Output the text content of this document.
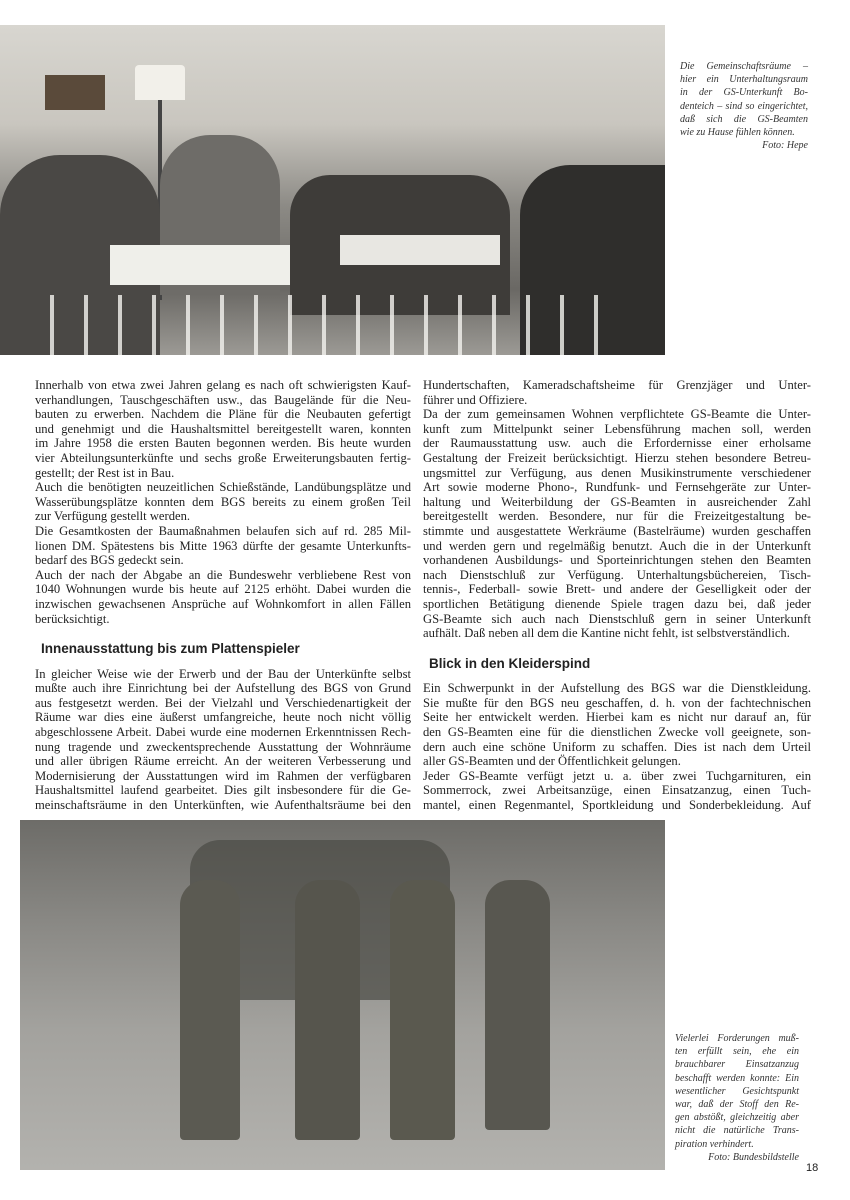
Die Gemeinschaftsräume –
hier ein Unterhaltungsraum
in der GS-Unterkunft Bo-
denteich – sind so eingerichtet,
daß sich die GS-Beamten
wie zu Hause fühlen können.
Foto: Hepe
Vielerlei Forderungen muß-
ten erfüllt sein, ehe ein
brauchbarer Einsatzanzug
beschafft werden konnte: Ein
wesentlicher Gesichtspunkt
war, daß der Stoff den Re-
gen abstößt, gleichzeitig aber
nicht die natürliche Trans-
piration verhindert.
Foto: Bundesbildstelle
18
Innerhalb von etwa zwei Jahren gelang es nach oft schwierigsten Kauf-
verhandlungen, Tauschgeschäften usw., das Baugelände für die Neu-
bauten zu erwerben. Nachdem die Pläne für die Neubauten gefertigt
und genehmigt und die Haushaltsmittel bereitgestellt waren, konnten
im Jahre 1958 die ersten Bauten begonnen werden. Bis heute wurden
vier Abteilungsunterkünfte und sechs große Erweiterungsbauten fertig-
gestellt; der Rest ist in Bau.
Auch die benötigten neuzeitlichen Schießstände, Landübungsplätze und
Wasserübungsplätze konnten dem BGS bereits zu einem großen Teil
zur Verfügung gestellt werden.
Die Gesamtkosten der Baumaßnahmen belaufen sich auf rd. 285 Mil-
lionen DM. Spätestens bis Mitte 1963 dürfte der gesamte Unterkunfts-
bedarf des BGS gedeckt sein.
Auch der nach der Abgabe an die Bundeswehr verbliebene Rest von
1040 Wohnungen wurde bis heute auf 2125 erhöht. Dabei wurden die
inzwischen gewachsenen Ansprüche auf Wohnkomfort in allen Fällen
berücksichtigt.
Innenausstattung bis zum Plattenspieler
In gleicher Weise wie der Erwerb und der Bau der Unterkünfte selbst
mußte auch ihre Einrichtung bei der Aufstellung des BGS von Grund
aus festgesetzt werden. Bei der Vielzahl und Verschiedenartigkeit der
Räume war dies eine äußerst umfangreiche, heute noch nicht völlig
abgeschlossene Arbeit. Dabei wurde eine modernen Erkenntnissen Rech-
nung tragende und zweckentsprechende Ausstattung der Wohnräume
und aller übrigen Räume erreicht. An der weiteren Verbesserung und
Modernisierung der Ausstattungen wird im Rahmen der verfügbaren
Haushaltsmittel laufend gearbeitet. Dies gilt insbesondere für die Ge-
meinschaftsräume in den Unterkünften, wie Aufenthaltsräume bei den
Hundertschaften, Kameradschaftsheime für Grenzjäger und Unter-
führer und Offiziere.
Da der zum gemeinsamen Wohnen verpflichtete GS-Beamte die Unter-
kunft zum Mittelpunkt seiner Lebensführung machen soll, werden
der Raumausstattung usw. auch die Erfordernisse einer erholsame
Gestaltung der Freizeit berücksichtigt. Hierzu stehen besondere Betreu-
ungsmittel zur Verfügung, aus denen Musikinstrumente verschiedener
Art sowie moderne Phono-, Rundfunk- und Fernsehgeräte zur Unter-
haltung und Weiterbildung der GS-Beamten in ausreichender Zahl
bereitgestellt werden. Besondere, nur für die Freizeitgestaltung be-
stimmte und ausgestattete Werkräume (Bastelräume) wurden geschaffen
und werden gern und regelmäßig benutzt. Auch die in der Unterkunft
vorhandenen Ausbildungs- und Sporteinrichtungen stehen den Beamten
nach Dienstschluß zur Verfügung. Unterhaltungsbüchereien, Tisch-
tennis-, Federball- sowie Brett- und andere der Geselligkeit oder der
sportlichen Betätigung dienende Spiele tragen dazu bei, daß jeder
GS-Beamte sich auch nach Dienstschluß gern in seiner Unterkunft
aufhält. Daß neben all dem die Kantine nicht fehlt, ist selbstverständlich.
Blick in den Kleiderspind
Ein Schwerpunkt in der Aufstellung des BGS war die Dienstkleidung.
Sie mußte für den BGS neu geschaffen, d. h. von der fachtechnischen
Seite her entwickelt werden. Hierbei kam es nicht nur darauf an, für
den GS-Beamten eine für die dienstlichen Zwecke voll geeignete, son-
dern auch eine schöne Uniform zu schaffen. Dies ist nach dem Urteil
aller GS-Beamten und der Öffentlichkeit gelungen.
Jeder GS-Beamte verfügt jetzt u. a. über zwei Tuchgarnituren, ein
Sommerrock, zwei Arbeitsanzüge, einen Einsatzanzug, einen Tuch-
mantel, einen Regenmantel, Sportkleidung und Sonderbekleidung. Auf
